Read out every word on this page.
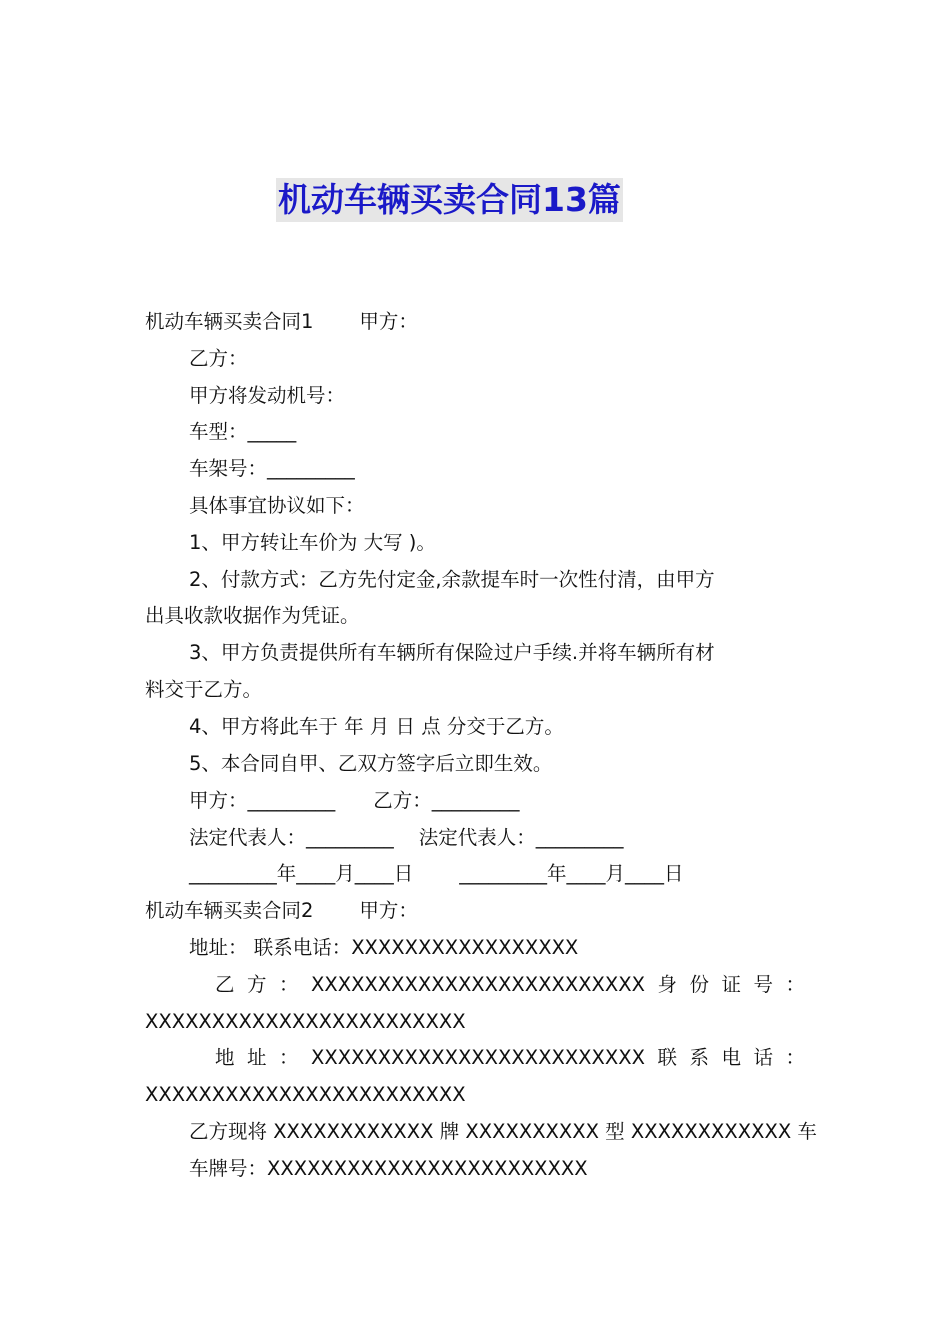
机动车辆买卖合同13篇
机动车辆买卖合同1 甲方：
乙方：
甲方将发动机号：
车型：_____
车架号：_________
具体事宜协议如下：
1、甲方转让车价为 大写 )。
2、付款方式：乙方先付定金,余款提车时一次性付清，由甲方
出具收款收据作为凭证。
3、甲方负责提供所有车辆所有保险过户手续.并将车辆所有材
料交于乙方。
4、甲方将此车于 年 月 日 点 分交于乙方。
5、本合同自甲、乙双方签字后立即生效。
甲方：_________ 乙方：_________
法定代表人：_________ 法定代表人：_________
_________年____月____日 _________年____月____日
机动车辆买卖合同2 甲方：
地址： 联系电话：XXXXXXXXXXXXXXXXX
乙 方 ： XXXXXXXXXXXXXXXXXXXXXXXXX 身 份 证 号 ：
XXXXXXXXXXXXXXXXXXXXXXXX
地 址 ： XXXXXXXXXXXXXXXXXXXXXXXXX 联 系 电 话 ：
XXXXXXXXXXXXXXXXXXXXXXXX
乙方现将 XXXXXXXXXXXX 牌 XXXXXXXXXX 型 XXXXXXXXXXXX 车
车牌号：XXXXXXXXXXXXXXXXXXXXXXXX
